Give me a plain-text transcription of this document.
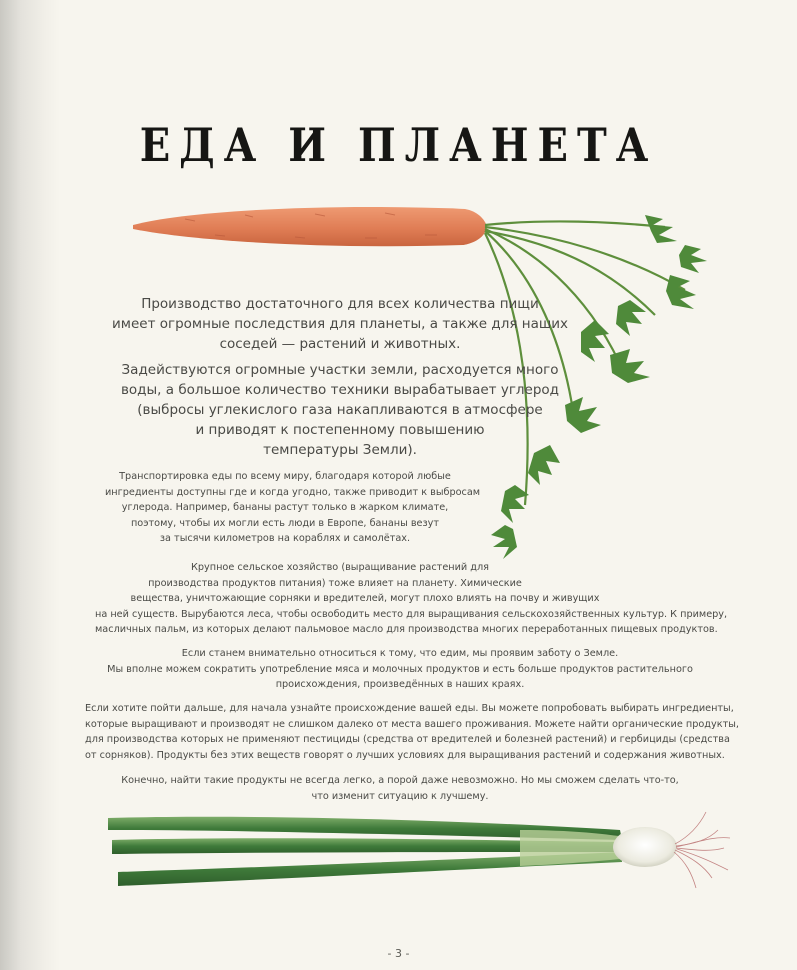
ЕДА И ПЛАНЕТА

Производство достаточного для всех количества пищи
имеет огромные последствия для планеты, а также для наших
соседей — растений и животных.

Задействуются огромные участки земли, расходуется много
воды, а большое количество техники вырабатывает углерод
(выбросы углекислого газа накапливаются в атмосфере
и приводят к постепенному повышению
температуры Земли).

Транспортировка еды по всему миру, благодаря которой любые
ингредиенты доступны где и когда угодно, также приводит к выбросам
углерода. Например, бананы растут только в жарком климате,
поэтому, чтобы их могли есть люди в Европе, бананы везут
за тысячи километров на кораблях и самолётах.

Крупное сельское хозяйство (выращивание растений для
производства продуктов питания) тоже влияет на планету. Химические
вещества, уничтожающие сорняки и вредителей, могут плохо влиять на почву и живущих
на ней существ. Вырубаются леса, чтобы освободить место для выращивания сельскохозяйственных культур. К примеру,
масличных пальм, из которых делают пальмовое масло для производства многих переработанных пищевых продуктов.

Если станем внимательно относиться к тому, что едим, мы проявим заботу о Земле.
Мы вполне можем сократить употребление мяса и молочных продуктов и есть больше продуктов растительного
происхождения, произведённых в наших краях.

Если хотите пойти дальше, для начала узнайте происхождение вашей еды. Вы можете попробовать выбирать ингредиенты,
которые выращивают и производят не слишком далеко от места вашего проживания. Можете найти органические продукты,
для производства которых не применяют пестициды (средства от вредителей и болезней растений) и гербициды (средства
от сорняков). Продукты без этих веществ говорят о лучших условиях для выращивания растений и содержания животных.

Конечно, найти такие продукты не всегда легко, а порой даже невозможно. Но мы сможем сделать что-то,
что изменит ситуацию к лучшему.

- 3 -
